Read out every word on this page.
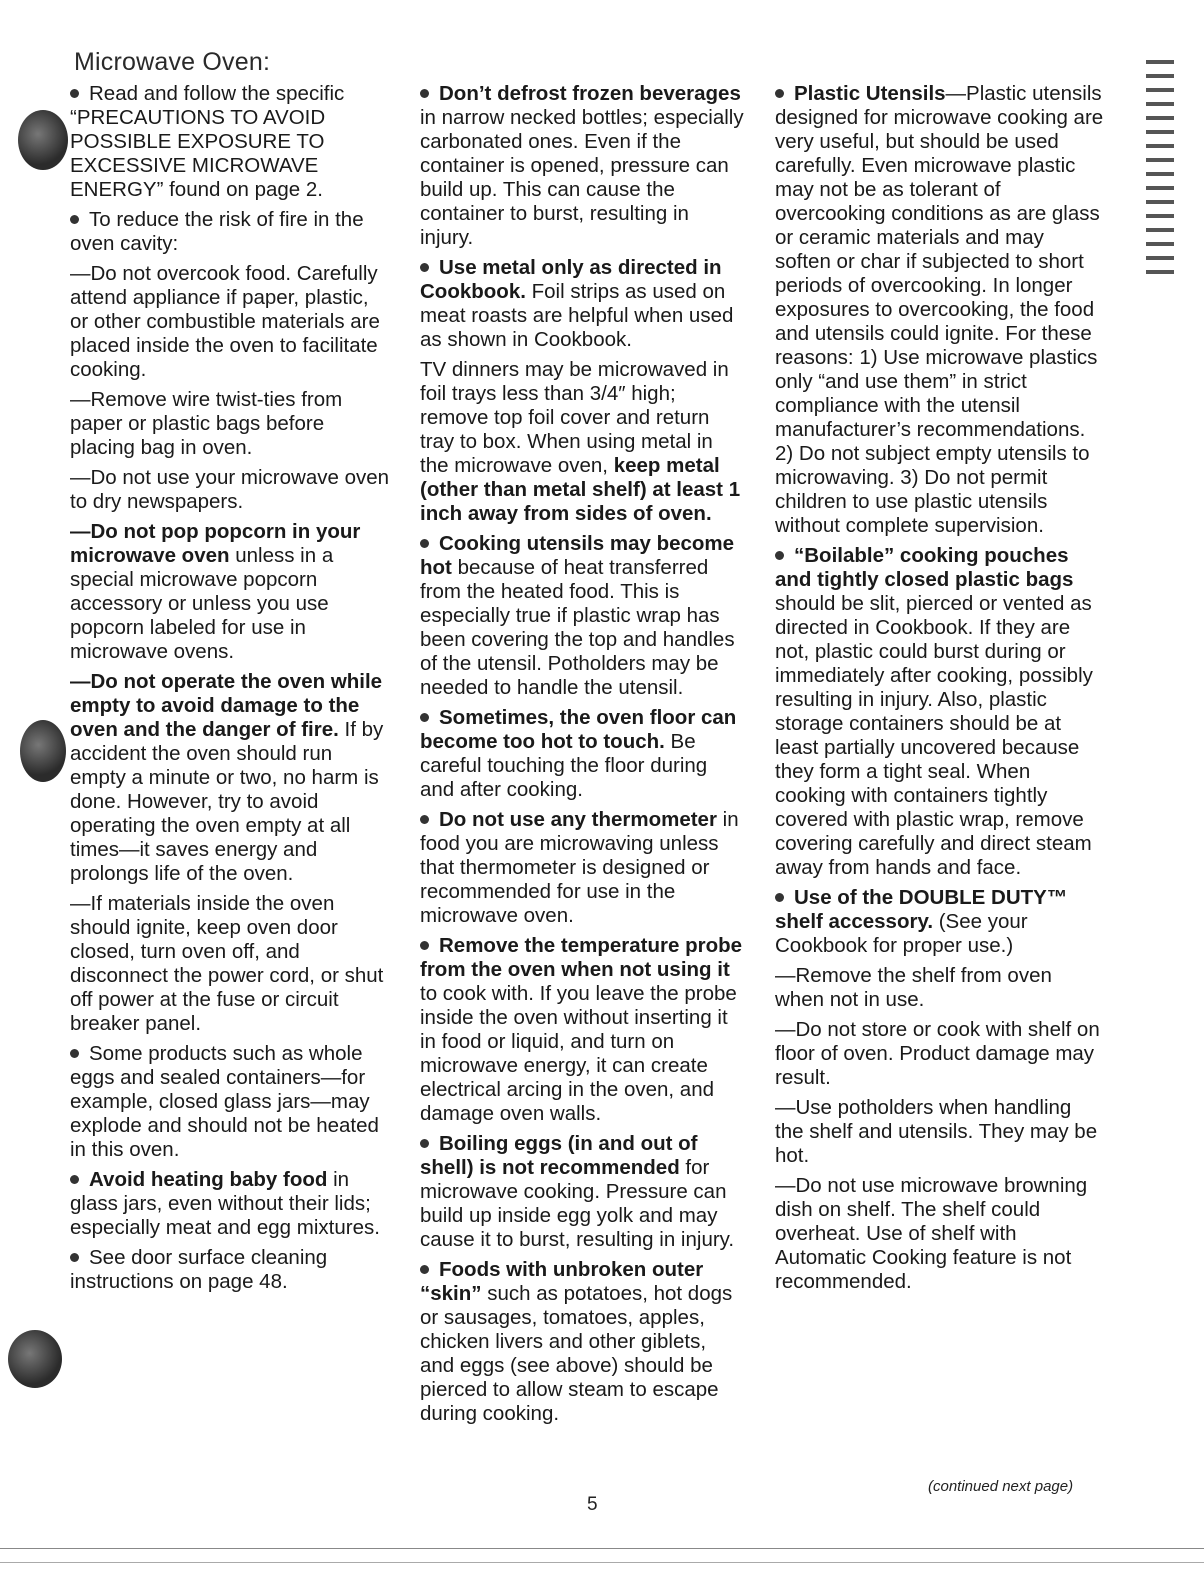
Microwave Oven:

Read and follow the specific “PRECAUTIONS TO AVOID POSSIBLE EXPOSURE TO EXCESSIVE MICROWAVE ENERGY” found on page 2.

To reduce the risk of fire in the oven cavity:

—Do not overcook food. Carefully attend appliance if paper, plastic, or other combustible materials are placed inside the oven to facilitate cooking.

—Remove wire twist-ties from paper or plastic bags before placing bag in oven.

—Do not use your microwave oven to dry newspapers.

—Do not pop popcorn in your microwave oven unless in a special microwave popcorn accessory or unless you use popcorn labeled for use in microwave ovens.

—Do not operate the oven while empty to avoid damage to the oven and the danger of fire. If by accident the oven should run empty a minute or two, no harm is done. However, try to avoid operating the oven empty at all times—it saves energy and prolongs life of the oven.

—If materials inside the oven should ignite, keep oven door closed, turn oven off, and disconnect the power cord, or shut off power at the fuse or circuit breaker panel.

Some products such as whole eggs and sealed containers—for example, closed glass jars—may explode and should not be heated in this oven.

Avoid heating baby food in glass jars, even without their lids; especially meat and egg mixtures.

See door surface cleaning instructions on page 48.

Don’t defrost frozen beverages in narrow necked bottles; especially carbonated ones. Even if the container is opened, pressure can build up. This can cause the container to burst, resulting in injury.

Use metal only as directed in Cookbook. Foil strips as used on meat roasts are helpful when used as shown in Cookbook.

TV dinners may be microwaved in foil trays less than 3/4″ high; remove top foil cover and return tray to box. When using metal in the microwave oven, keep metal (other than metal shelf) at least 1 inch away from sides of oven.

Cooking utensils may become hot because of heat transferred from the heated food. This is especially true if plastic wrap has been covering the top and handles of the utensil. Potholders may be needed to handle the utensil.

Sometimes, the oven floor can become too hot to touch. Be careful touching the floor during and after cooking.

Do not use any thermometer in food you are microwaving unless that thermometer is designed or recommended for use in the microwave oven.

Remove the temperature probe from the oven when not using it to cook with. If you leave the probe inside the oven without inserting it in food or liquid, and turn on microwave energy, it can create electrical arcing in the oven, and damage oven walls.

Boiling eggs (in and out of shell) is not recommended for microwave cooking. Pressure can build up inside egg yolk and may cause it to burst, resulting in injury.

Foods with unbroken outer “skin” such as potatoes, hot dogs or sausages, tomatoes, apples, chicken livers and other giblets, and eggs (see above) should be pierced to allow steam to escape during cooking.

Plastic Utensils—Plastic utensils designed for microwave cooking are very useful, but should be used carefully. Even microwave plastic may not be as tolerant of overcooking conditions as are glass or ceramic materials and may soften or char if subjected to short periods of overcooking. In longer exposures to overcooking, the food and utensils could ignite. For these reasons: 1) Use microwave plastics only “and use them” in strict compliance with the utensil manufacturer’s recommendations. 2) Do not subject empty utensils to microwaving. 3) Do not permit children to use plastic utensils without complete supervision.

“Boilable” cooking pouches and tightly closed plastic bags should be slit, pierced or vented as directed in Cookbook. If they are not, plastic could burst during or immediately after cooking, possibly resulting in injury. Also, plastic storage containers should be at least partially uncovered because they form a tight seal. When cooking with containers tightly covered with plastic wrap, remove covering carefully and direct steam away from hands and face.

Use of the DOUBLE DUTY™ shelf accessory. (See your Cookbook for proper use.)

—Remove the shelf from oven when not in use.

—Do not store or cook with shelf on floor of oven. Product damage may result.

—Use potholders when handling the shelf and utensils. They may be hot.

—Do not use microwave browning dish on shelf. The shelf could overheat. Use of shelf with Automatic Cooking feature is not recommended.

(continued next page)
5
